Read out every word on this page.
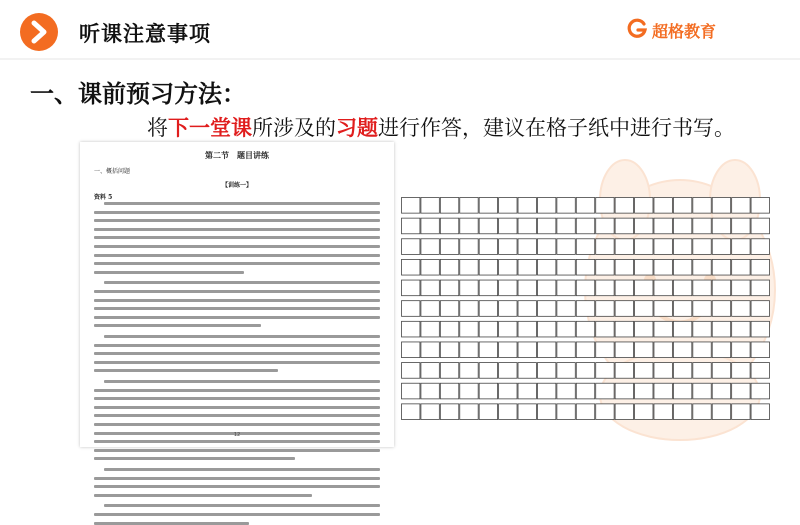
听课注意事项	超格教育
一、课前预习方法：
将下一堂课所涉及的习题进行作答，建议在格子纸中进行书写。
第二节　题目讲练
一、概括问题
【训练一】
资料 5
12
